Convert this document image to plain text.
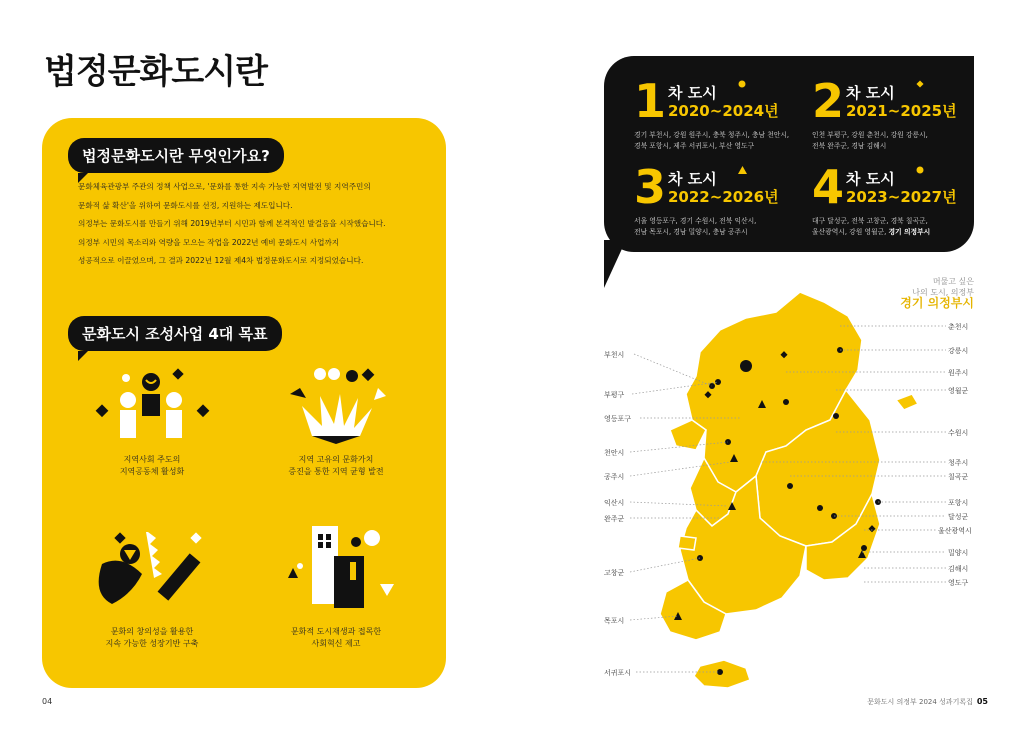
법정문화도시란
법정문화도시란 무엇인가요?
문화체육관광부 주관의 정책 사업으로, '문화를 통한 지속 가능한 지역발전 및 지역주민의
문화적 삶 확산'을 위하여 문화도시를 선정, 지원하는 제도입니다.
의정부는 문화도시를 만들기 위해 2019년부터 시민과 함께 본격적인 발걸음을 시작했습니다.
의정부 시민의 목소리와 역량을 모으는 작업을 2022년 예비 문화도시 사업까지
성공적으로 이끌었으며, 그 결과 2022년 12월 제4차 법정문화도시로 지정되었습니다.
문화도시 조성사업 4대 목표
지역사회 주도의
지역공동체 활성화
지역 고유의 문화가치
증진을 통한 지역 균형 발전
문화의 창의성을 활용한
지속 가능한 성장기반 구축
문화적 도시재생과 접목한
사회혁신 제고
1 차 도시
2020~2024년
경기 부천시, 강원 원주시, 충북 청주시, 충남 천안시,
경북 포항시, 제주 서귀포시, 부산 영도구
2 차 도시
2021~2025년
인천 부평구, 강원 춘천시, 강원 강릉시,
전북 완주군, 경남 김해시
3 차 도시
2022~2026년
서울 영등포구, 경기 수원시, 전북 익산시,
전남 목포시, 경남 밀양시, 충남 공주시
4 차 도시
2023~2027년
대구 달성군, 전북 고창군, 경북 칠곡군,
울산광역시, 강원 영월군, 경기 의정부시
머물고 싶은
나의 도시, 의정부
경기 의정부시
부천시
부평구
영등포구
천안시
공주시
익산시
완주군
고창군
목포시
서귀포시
춘천시
강릉시
원주시
영월군
수원시
청주시
칠곡군
포항시
달성군
울산광역시
밀양시
김해시
영도구
04	문화도시 의정부 2024 성과기록집 05
